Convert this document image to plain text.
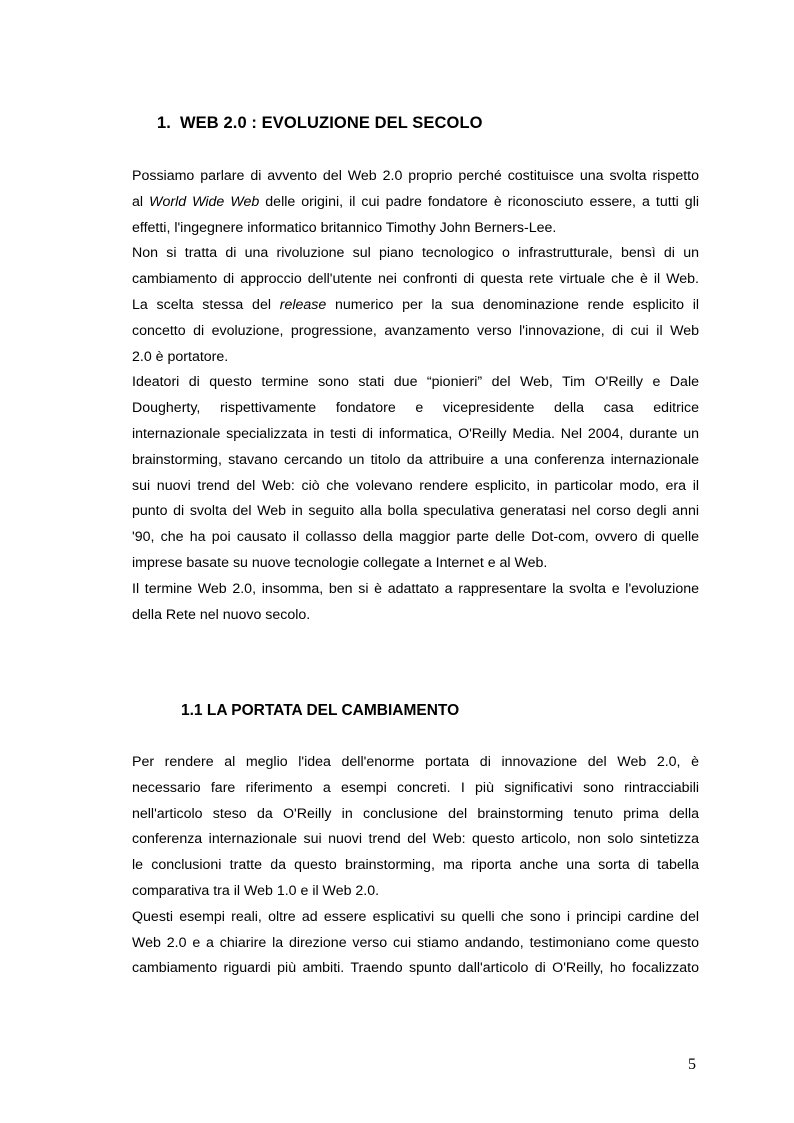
1. WEB 2.0 : EVOLUZIONE DEL SECOLO
Possiamo parlare di avvento del Web 2.0 proprio perché costituisce una svolta rispetto
al World Wide Web delle origini, il cui padre fondatore è riconosciuto essere, a tutti gli
effetti, l'ingegnere informatico britannico Timothy John Berners-Lee.
Non si tratta di una rivoluzione sul piano tecnologico o infrastrutturale, bensì di un
cambiamento di approccio dell'utente nei confronti di questa rete virtuale che è il Web.
La scelta stessa del release numerico per la sua denominazione rende esplicito il
concetto di evoluzione, progressione, avanzamento verso l'innovazione, di cui il Web
2.0 è portatore.
Ideatori di questo termine sono stati due “pionieri” del Web, Tim O'Reilly e Dale
Dougherty, rispettivamente fondatore e vicepresidente della casa editrice
internazionale specializzata in testi di informatica, O'Reilly Media. Nel 2004, durante un
brainstorming, stavano cercando un titolo da attribuire a una conferenza internazionale
sui nuovi trend del Web: ciò che volevano rendere esplicito, in particolar modo, era il
punto di svolta del Web in seguito alla bolla speculativa generatasi nel corso degli anni
'90, che ha poi causato il collasso della maggior parte delle Dot-com, ovvero di quelle
imprese basate su nuove tecnologie collegate a Internet e al Web.
Il termine Web 2.0, insomma, ben si è adattato a rappresentare la svolta e l'evoluzione
della Rete nel nuovo secolo.
1.1 LA PORTATA DEL CAMBIAMENTO
Per rendere al meglio l'idea dell'enorme portata di innovazione del Web 2.0, è
necessario fare riferimento a esempi concreti. I più significativi sono rintracciabili
nell'articolo steso da O'Reilly in conclusione del brainstorming tenuto prima della
conferenza internazionale sui nuovi trend del Web: questo articolo, non solo sintetizza
le conclusioni tratte da questo brainstorming, ma riporta anche una sorta di tabella
comparativa tra il Web 1.0 e il Web 2.0.
Questi esempi reali, oltre ad essere esplicativi su quelli che sono i principi cardine del
Web 2.0 e a chiarire la direzione verso cui stiamo andando, testimoniano come questo
cambiamento riguardi più ambiti. Traendo spunto dall'articolo di O'Reilly, ho focalizzato
5
